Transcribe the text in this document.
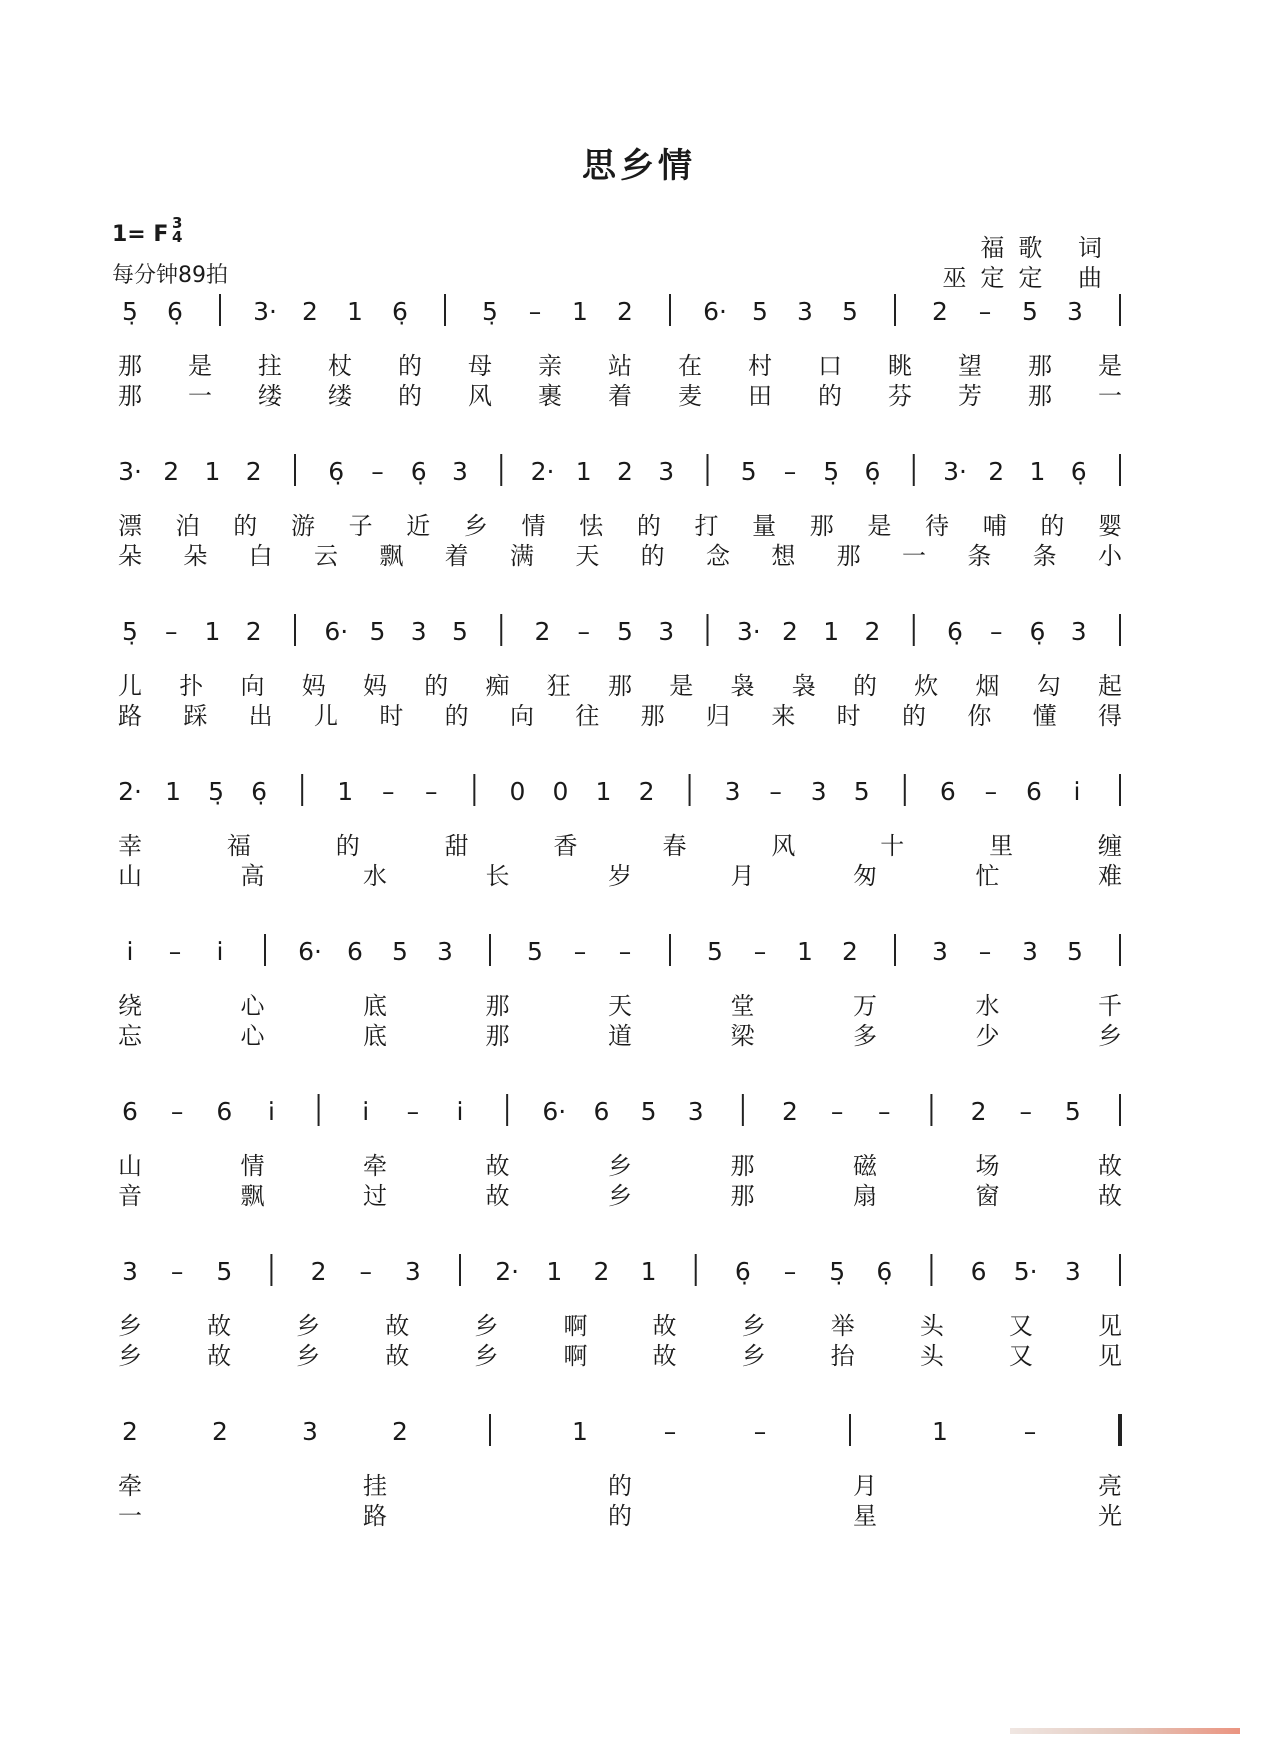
思乡情
1= F 3
4
每分钟89拍
福歌 词
巫定定 曲
5̣ 6̣	3· 2 1 6̣	5̣ – 1 2	6· 5 3 5	2 – 5 3
那 是 拄 杖 的 母 亲 站 在 村 口 眺 望 那 是
那 一 缕 缕 的 风 裹 着 麦 田 的 芬 芳 那 一
3· 2 1 2	6̣ – 6̣ 3	2· 1 2 3	5 – 5̣ 6̣	3· 2 1 6̣
漂 泊 的 游 子 近 乡 情 怯 的 打 量 那 是 待 哺 的 婴
朵 朵 白 云 飘 着 满 天 的 念 想 那 一 条 条 小
5̣ – 1 2	6· 5 3 5	2 – 5 3	3· 2 1 2	6̣ – 6̣ 3
儿 扑 向 妈 妈 的 痴 狂 那 是 袅 袅 的 炊 烟 勾 起
路 踩 出 儿 时 的 向 往 那 归 来 时 的 你 懂 得
2· 1 5̣ 6̣	1 – –	0 0 1 2	3 – 3 5	6 – 6 i̇
幸	福	的	甜	香	春	风	十	里	缠
山	高	水	长	岁	月	匆	忙	难
i̇ – i̇	6· 6 5 3	5 – –	5 – 1 2	3 – 3 5
绕	心	底	那	天	堂	万	水	千
忘	心	底	那	道	梁	多	少	乡
6 – 6 i̇	i̇ – i̇	6· 6 5 3	2 – –	2 – 5
山	情	牵	故	乡	那	磁	场	故
音	飘	过	故	乡	那	扇	窗	故
3 – 5	2 – 3	2· 1 2 1	6̣ – 5̣ 6̣	6 5· 3
乡	故	乡	故	乡	啊	故	乡	举	头	又	见
乡	故	乡	故	乡	啊	故	乡	抬	头	又	见
2	2	3	2	1	–	–	1	–
牵	挂	的	月	亮
一	路	的	星	光
